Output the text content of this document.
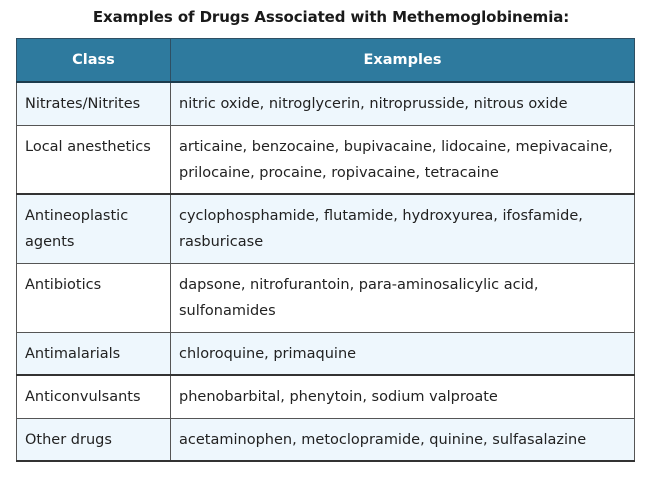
Examples of Drugs Associated with Methemoglobinemia:
Class	Examples
Nitrates/Nitrites	nitric oxide, nitroglycerin, nitroprusside, nitrous oxide
Local anesthetics	articaine, benzocaine, bupivacaine, lidocaine, mepivacaine, prilocaine, procaine, ropivacaine, tetracaine
Antineoplastic agents	cyclophosphamide, flutamide, hydroxyurea, ifosfamide, rasburicase
Antibiotics	dapsone, nitrofurantoin, para-aminosalicylic acid, sulfonamides
Antimalarials	chloroquine, primaquine
Anticonvulsants	phenobarbital, phenytoin, sodium valproate
Other drugs	acetaminophen, metoclopramide, quinine, sulfasalazine
